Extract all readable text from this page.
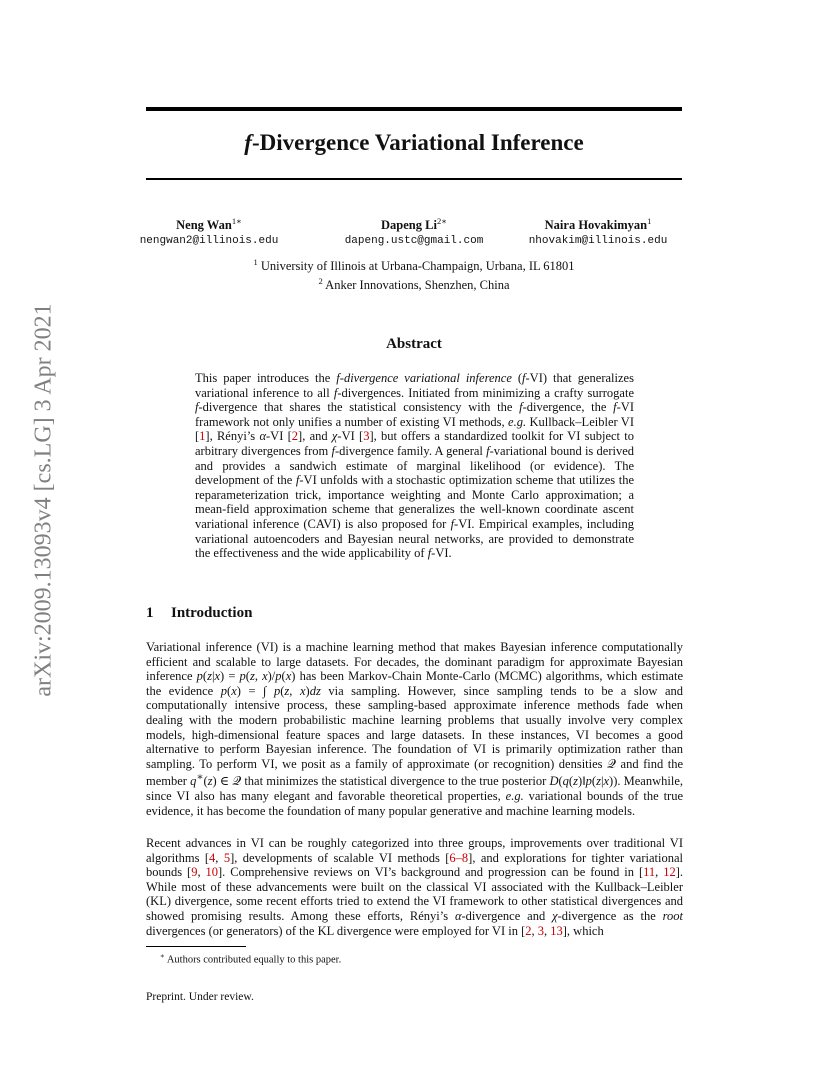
arXiv:2009.13093v4 [cs.LG] 3 Apr 2021
f-Divergence Variational Inference
Neng Wan$^{1∗}$
nengwan2@illinois.edu
Dapeng $Li^{2∗}$
dapeng.ustc@gmail.com
Naira Hovakimyan$^1$
nhovakim@illinois.edu
$^1$ University of Illinois at Urbana-Champaign, Urbana, IL 61801
$^2$ Anker Innovations, Shenzhen, China
Abstract
This paper introduces the f-divergence variational inference (f-VI) that generalizes variational inference to all f-divergences. Initiated from minimizing a crafty surrogate f-divergence that shares the statistical consistency with the f-divergence, the f-VI framework not only unifies a number of existing VI methods, e.g. Kullback–Leibler VI [1], Rényi’s α-VI [2], and χ-VI [3], but offers a standardized toolkit for VI subject to arbitrary divergences from f-divergence family. A general f-variational bound is derived and provides a sandwich estimate of marginal likelihood (or evidence). The development of the f-VI unfolds with a stochastic optimization scheme that utilizes the reparameterization trick, importance weighting and Monte Carlo approximation; a mean-field approximation scheme that generalizes the well-known coordinate ascent variational inference (CAVI) is also proposed for f-VI. Empirical examples, including variational autoencoders and Bayesian neural networks, are provided to demonstrate the effectiveness and the wide applicability of f-VI.
1 Introduction
Variational inference (VI) is a machine learning method that makes Bayesian inference computationally efficient and scalable to large datasets. For decades, the dominant paradigm for approximate Bayesian inference p(z|x) = p(z, x)/p(x) has been Markov-Chain Monte-Carlo (MCMC) algorithms, which estimate the evidence p(x) = ∫ p(z, x)dz via sampling. However, since sampling tends to be a slow and computationally intensive process, these sampling-based approximate inference methods fade when dealing with the modern probabilistic machine learning problems that usually involve very complex models, high-dimensional feature spaces and large datasets. In these instances, VI becomes a good alternative to perform Bayesian inference. The foundation of VI is primarily optimization rather than sampling. To perform VI, we posit as a family of approximate (or recognition) densities 𝒬 and find the member q∗(z) ∈ 𝒬 that minimizes the statistical divergence to the true posterior D(q(z)‖p(z|x)). Meanwhile, since VI also has many elegant and favorable theoretical properties, e.g. variational bounds of the true evidence, it has become the foundation of many popular generative and machine learning models.
Recent advances in VI can be roughly categorized into three groups, improvements over traditional VI algorithms [4, 5], developments of scalable VI methods [6–8], and explorations for tighter variational bounds [9, 10]. Comprehensive reviews on VI’s background and progression can be found in [11, 12]. While most of these advancements were built on the classical VI associated with the Kullback–Leibler (KL) divergence, some recent efforts tried to extend the VI framework to other statistical divergences and showed promising results. Among these efforts, Rényi’s α-divergence and χ-divergence as the root divergences (or generators) of the KL divergence were employed for VI in [2, 3, 13], which
∗ Authors contributed equally to this paper.
Preprint. Under review.
